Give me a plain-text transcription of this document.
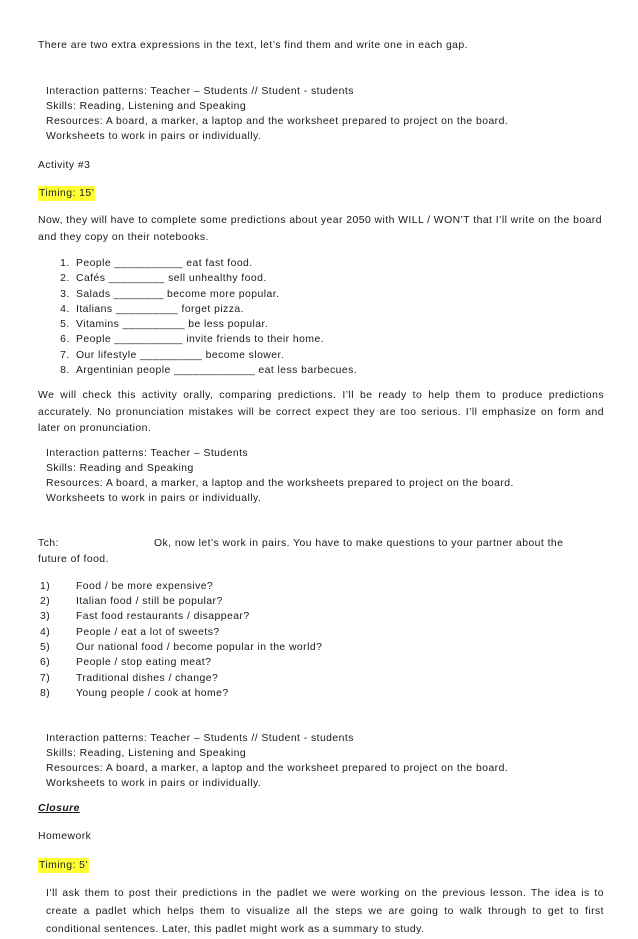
There are two extra expressions in the text, let’s find them and write one in each gap.

Interaction patterns: Teacher – Students // Student - students
Skills: Reading, Listening and Speaking
Resources: A board, a marker, a laptop and the worksheet prepared to project on the board.
Worksheets to work in pairs or individually.

Activity #3

Timing: 15’

Now, they will have to complete some predictions about year 2050 with WILL / WON’T that I’ll write on the board and they copy on their notebooks.

1. People ___________ eat fast food.
2. Cafés _________ sell unhealthy food.
3. Salads ________ become more popular.
4. Italians __________ forget pizza.
5. Vitamins __________ be less popular.
6. People ___________ invite friends to their home.
7. Our lifestyle __________ become slower.
8. Argentinian people _____________ eat less barbecues.

We will check this activity orally, comparing predictions. I’ll be ready to help them to produce predictions accurately. No pronunciation mistakes will be correct expect they are too serious. I’ll emphasize on form and later on pronunciation.

Interaction patterns: Teacher – Students
Skills: Reading and Speaking
Resources: A board, a marker, a laptop and the worksheets prepared to project on the board.
Worksheets to work in pairs or individually.
Tch:	Ok, now let’s work in pairs. You have to make questions to your partner about the

future of food.

1) Food / be more expensive?
2) Italian food / still be popular?
3) Fast food restaurants / disappear?
4) People / eat a lot of sweets?
5) Our national food / become popular in the world?
6) People / stop eating meat?
7) Traditional dishes / change?
8) Young people / cook at home?
Interaction patterns: Teacher – Students // Student - students
Skills: Reading, Listening and Speaking
Resources: A board, a marker, a laptop and the worksheet prepared to project on the board.
Worksheets to work in pairs or individually.

Closure

Homework

Timing: 5’

I’ll ask them to post their predictions in the padlet we were working on the previous lesson. The idea is to create a padlet which helps them to visualize all the steps we are going to walk through to get to first conditional sentences. Later, this padlet might work as a summary to study.
